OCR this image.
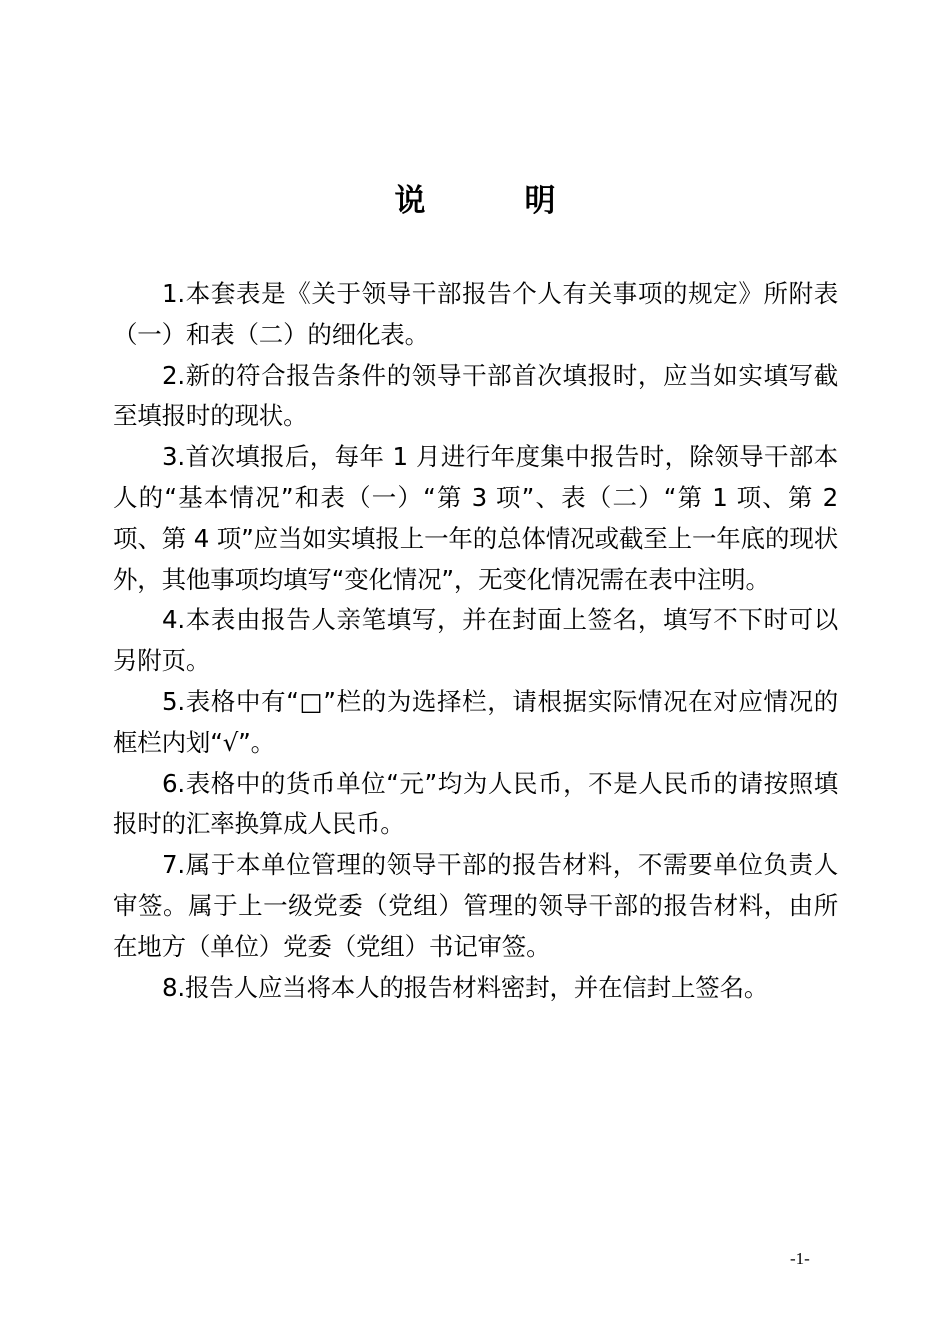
说　明

1.本套表是《关于领导干部报告个人有关事项的规定》所附表（一）和表（二）的细化表。

2.新的符合报告条件的领导干部首次填报时，应当如实填写截至填报时的现状。

3.首次填报后，每年 1 月进行年度集中报告时，除领导干部本人的“基本情况”和表（一）“第 3 项”、表（二）“第 1 项、第 2 项、第 4 项”应当如实填报上一年的总体情况或截至上一年底的现状外，其他事项均填写“变化情况”，无变化情况需在表中注明。

4.本表由报告人亲笔填写，并在封面上签名，填写不下时可以另附页。

5.表格中有“□”栏的为选择栏，请根据实际情况在对应情况的框栏内划“√”。

6.表格中的货币单位“元”均为人民币，不是人民币的请按照填报时的汇率换算成人民币。

7.属于本单位管理的领导干部的报告材料，不需要单位负责人审签。属于上一级党委（党组）管理的领导干部的报告材料，由所在地方（单位）党委（党组）书记审签。

8.报告人应当将本人的报告材料密封，并在信封上签名。

-1-
